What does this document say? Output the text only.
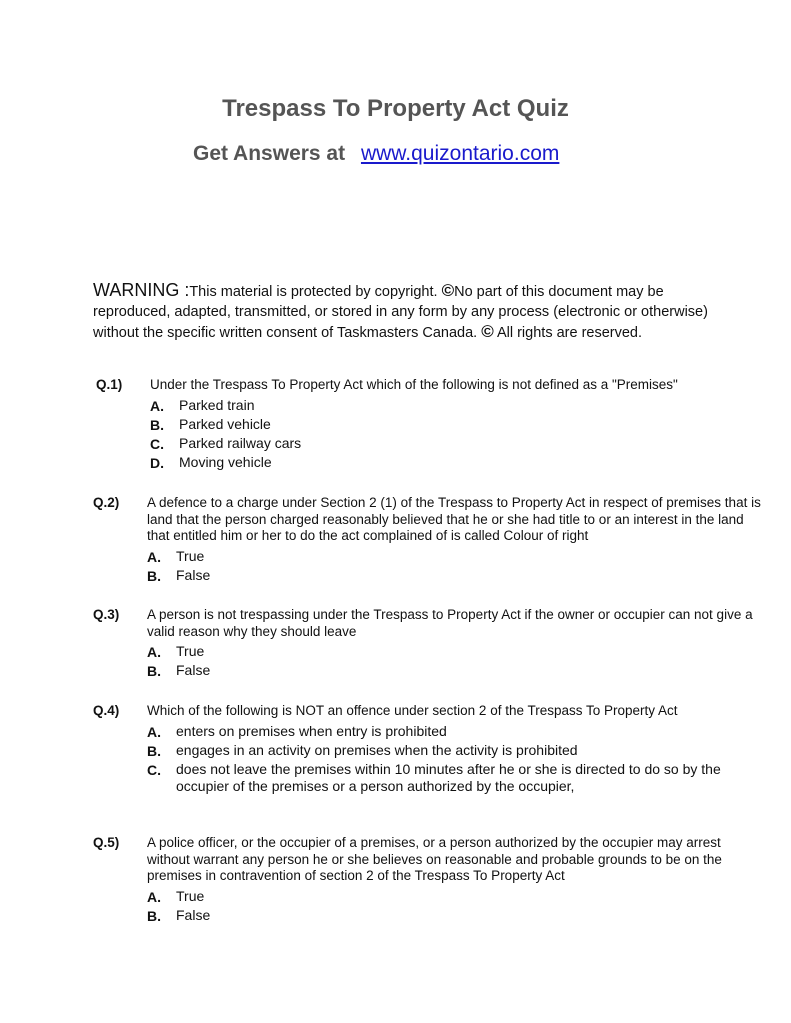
Trespass To Property Act Quiz
Get Answers at www.quizontario.com
WARNING :This material is protected by copyright. ©No part of this document may be reproduced, adapted, transmitted, or stored in any form by any process (electronic or otherwise) without the specific written consent of Taskmasters Canada. © All rights are reserved.
Q.1) Under the Trespass To Property Act which of the following is not defined as a "Premises"
A.	Parked train
B.	Parked vehicle
C.	Parked railway cars
D.	Moving vehicle
Q.2) A defence to a charge under Section 2 (1) of the Trespass to Property Act in respect of premises that is land that the person charged reasonably believed that he or she had title to or an interest in the land that entitled him or her to do the act complained of is called Colour of right
A.	True
B.	False
Q.3) A person is not trespassing under the Trespass to Property Act if the owner or occupier can not give a valid reason why they should leave
A.	True
B.	False
Q.4) Which of the following is NOT an offence under section 2 of the Trespass To Property Act
A.	enters on premises when entry is prohibited
B.	engages in an activity on premises when the activity is prohibited
C.	does not leave the premises within 10 minutes after he or she is directed to do so by the occupier of the premises or a person authorized by the occupier,
Q.5) A police officer, or the occupier of a premises, or a person authorized by the occupier may arrest without warrant any person he or she believes on reasonable and probable grounds to be on the premises in contravention of section 2 of the Trespass To Property Act
A.	True
B.	False
